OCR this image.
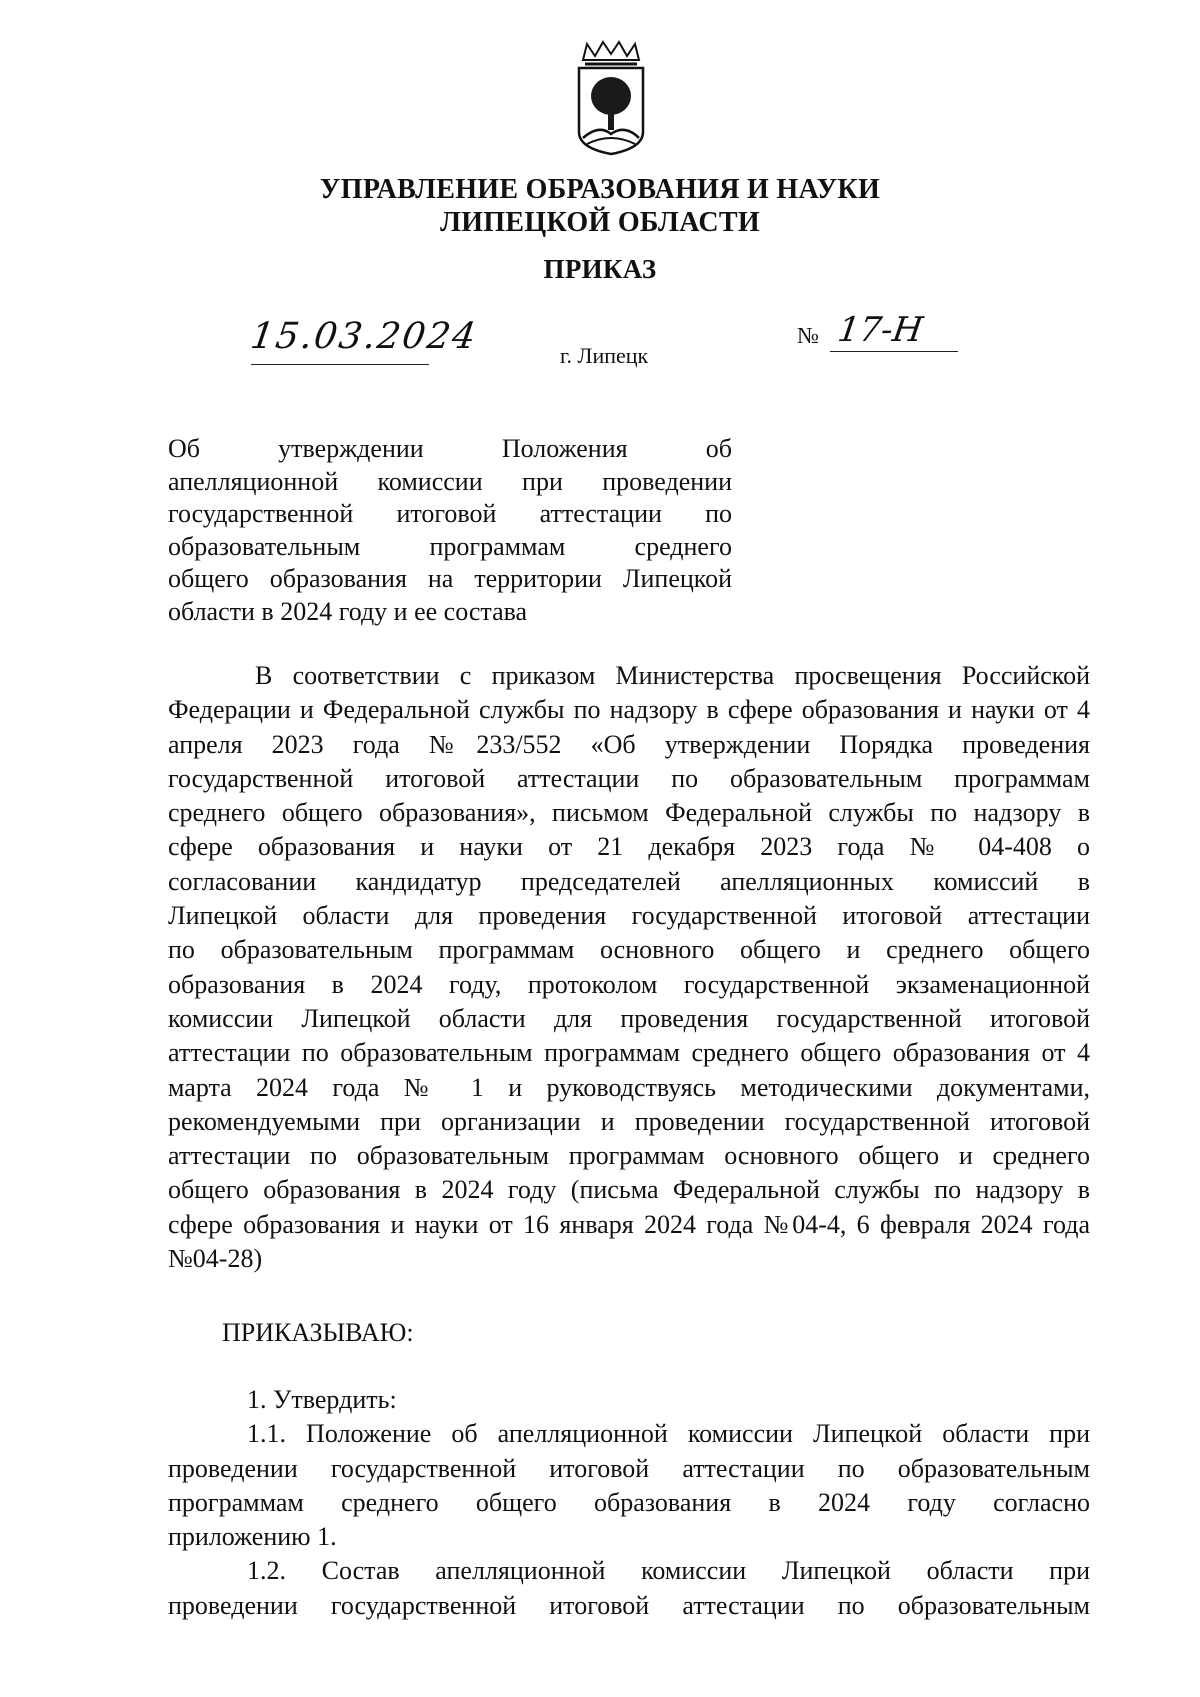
УПРАВЛЕНИЕ ОБРАЗОВАНИЯ И НАУКИ
ЛИПЕЦКОЙ ОБЛАСТИ
ПРИКАЗ
15.03.2024	г. Липецк
№ 17-Н
Об утверждении Положения об
апелляционной комиссии при проведении
государственной итоговой аттестации по
образовательным программам среднего
общего образования на территории Липецкой
области в 2024 году и ее состава
В соответствии с приказом Министерства просвещения Российской
Федерации и Федеральной службы по надзору в сфере образования и науки от 4
апреля 2023 года №233/552 «Об утверждении Порядка проведения
государственной итоговой аттестации по образовательным программам
среднего общего образования», письмом Федеральной службы по надзору в
сфере образования и науки от 21 декабря 2023 года № 04-408 о
согласовании кандидатур председателей апелляционных комиссий в
Липецкой области для проведения государственной итоговой аттестации
по образовательным программам основного общего и среднего общего
образования в 2024 году, протоколом государственной экзаменационной
комиссии Липецкой области для проведения государственной итоговой
аттестации по образовательным программам среднего общего образования от 4
марта 2024 года № 1 и руководствуясь методическими документами,
рекомендуемыми при организации и проведении государственной итоговой
аттестации по образовательным программам основного общего и среднего
общего образования в 2024 году (письма Федеральной службы по надзору в
сфере образования и науки от 16 января 2024 года №04-4, 6 февраля 2024 года
№04-28)
ПРИКАЗЫВАЮ:
1. Утвердить:
1.1. Положение об апелляционной комиссии Липецкой области при
проведении государственной итоговой аттестации по образовательным
программам среднего общего образования в 2024 году согласно
приложению 1.
1.2. Состав апелляционной комиссии Липецкой области при
проведении государственной итоговой аттестации по образовательным
